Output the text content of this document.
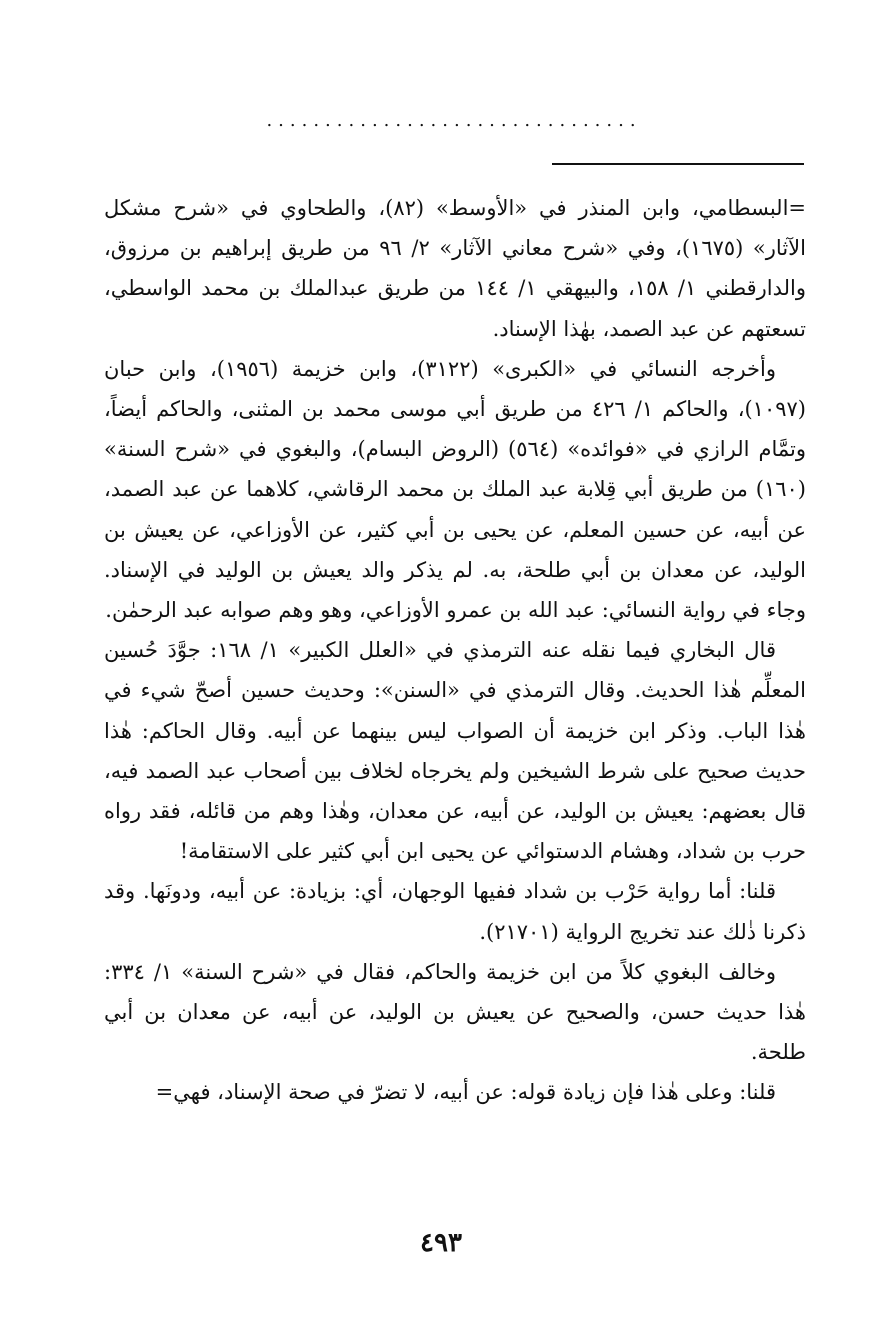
................................

=البسطامي، وابن المنذر في «الأوسط» (٨٢)، والطحاوي في «شرح مشكل الآثار» (١٦٧٥)، وفي «شرح معاني الآثار» ٢/ ٩٦ من طريق إبراهيم بن مرزوق، والدارقطني ١/ ١٥٨، والبيهقي ١/ ١٤٤ من طريق عبدالملك بن محمد الواسطي، تسعتهم عن عبد الصمد، بهٰذا الإسناد.

وأخرجه النسائي في «الكبرى» (٣١٢٢)، وابن خزيمة (١٩٥٦)، وابن حبان (١٠٩٧)، والحاكم ١/ ٤٢٦ من طريق أبي موسى محمد بن المثنى، والحاكم أيضاً، وتمَّام الرازي في «فوائده» (٥٦٤) (الروض البسام)، والبغوي في «شرح السنة» (١٦٠) من طريق أبي قِلابة عبد الملك بن محمد الرقاشي، كلاهما عن عبد الصمد، عن أبيه، عن حسين المعلم، عن يحيى بن أبي كثير، عن الأوزاعي، عن يعيش بن الوليد، عن معدان بن أبي طلحة، به. لم يذكر والد يعيش بن الوليد في الإسناد. وجاء في رواية النسائي: عبد الله بن عمرو الأوزاعي، وهو وهم صوابه عبد الرحمٰن.

قال البخاري فيما نقله عنه الترمذي في «العلل الكبير» ١/ ١٦٨: جوَّدَ حُسين المعلِّم هٰذا الحديث. وقال الترمذي في «السنن»: وحديث حسين أصحّ شيء في هٰذا الباب. وذكر ابن خزيمة أن الصواب ليس بينهما عن أبيه. وقال الحاكم: هٰذا حديث صحيح على شرط الشيخين ولم يخرجاه لخلاف بين أصحاب عبد الصمد فيه، قال بعضهم: يعيش بن الوليد، عن أبيه، عن معدان، وهٰذا وهم من قائله، فقد رواه حرب بن شداد، وهشام الدستوائي عن يحيى ابن أبي كثير على الاستقامة!

قلنا: أما رواية حَرْب بن شداد ففيها الوجهان، أي: بزيادة: عن أبيه، ودونَها. وقد ذكرنا ذٰلك عند تخريج الرواية (٢١٧٠١).

وخالف البغوي كلاً من ابن خزيمة والحاكم، فقال في «شرح السنة» ١/ ٣٣٤: هٰذا حديث حسن، والصحيح عن يعيش بن الوليد، عن أبيه، عن معدان بن أبي طلحة.

قلنا: وعلى هٰذا فإن زيادة قوله: عن أبيه، لا تضرّ في صحة الإسناد، فهي=

٤٩٣
